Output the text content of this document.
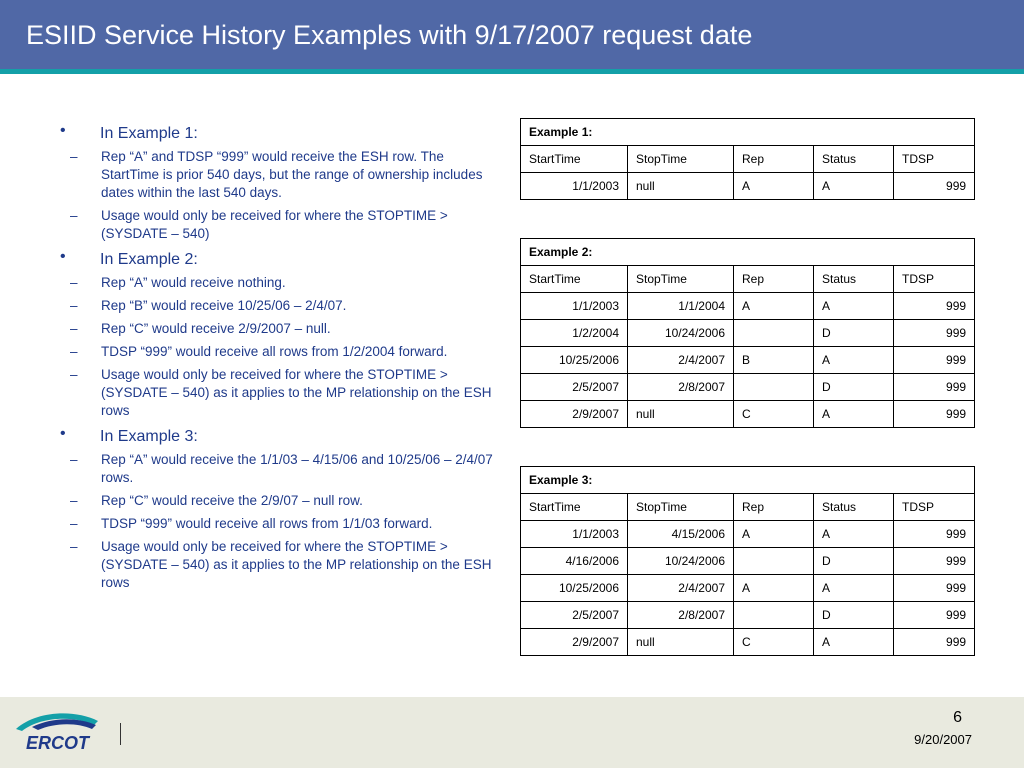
ESIID Service History Examples with 9/17/2007 request date
• In Example 1:
– Rep “A” and TDSP “999” would receive the ESH row. The StartTime is prior 540 days, but the range of ownership includes dates within the last 540 days.
– Usage would only be received for where the STOPTIME >(SYSDATE – 540)
• In Example 2:
– Rep “A” would receive nothing.
– Rep “B” would receive 10/25/06 – 2/4/07.
– Rep “C” would receive 2/9/2007 – null.
– TDSP “999” would receive all rows from 1/2/2004 forward.
– Usage would only be received for where the STOPTIME >(SYSDATE – 540) as it applies to the MP relationship on the ESH rows
• In Example 3:
– Rep “A” would receive the 1/1/03 – 4/15/06 and 10/25/06 – 2/4/07 rows.
– Rep “C” would receive the 2/9/07 – null row.
– TDSP “999” would receive all rows from 1/1/03 forward.
– Usage would only be received for where the STOPTIME >(SYSDATE – 540) as it applies to the MP relationship on the ESH rows
Example 1:				
StartTime	StopTime	Rep	Status	TDSP
1/1/2003	null	A	A	999
Example 2:				
StartTime	StopTime	Rep	Status	TDSP
1/1/2003	1/1/2004	A	A	999
1/2/2004	10/24/2006		D	999
10/25/2006	2/4/2007	B	A	999
2/5/2007	2/8/2007		D	999
2/9/2007	null	C	A	999
Example 3:				
StartTime	StopTime	Rep	Status	TDSP
1/1/2003	4/15/2006	A	A	999
4/16/2006	10/24/2006		D	999
10/25/2006	2/4/2007	A	A	999
2/5/2007	2/8/2007		D	999
2/9/2007	null	C	A	999
ERCOT
6
9/20/2007
